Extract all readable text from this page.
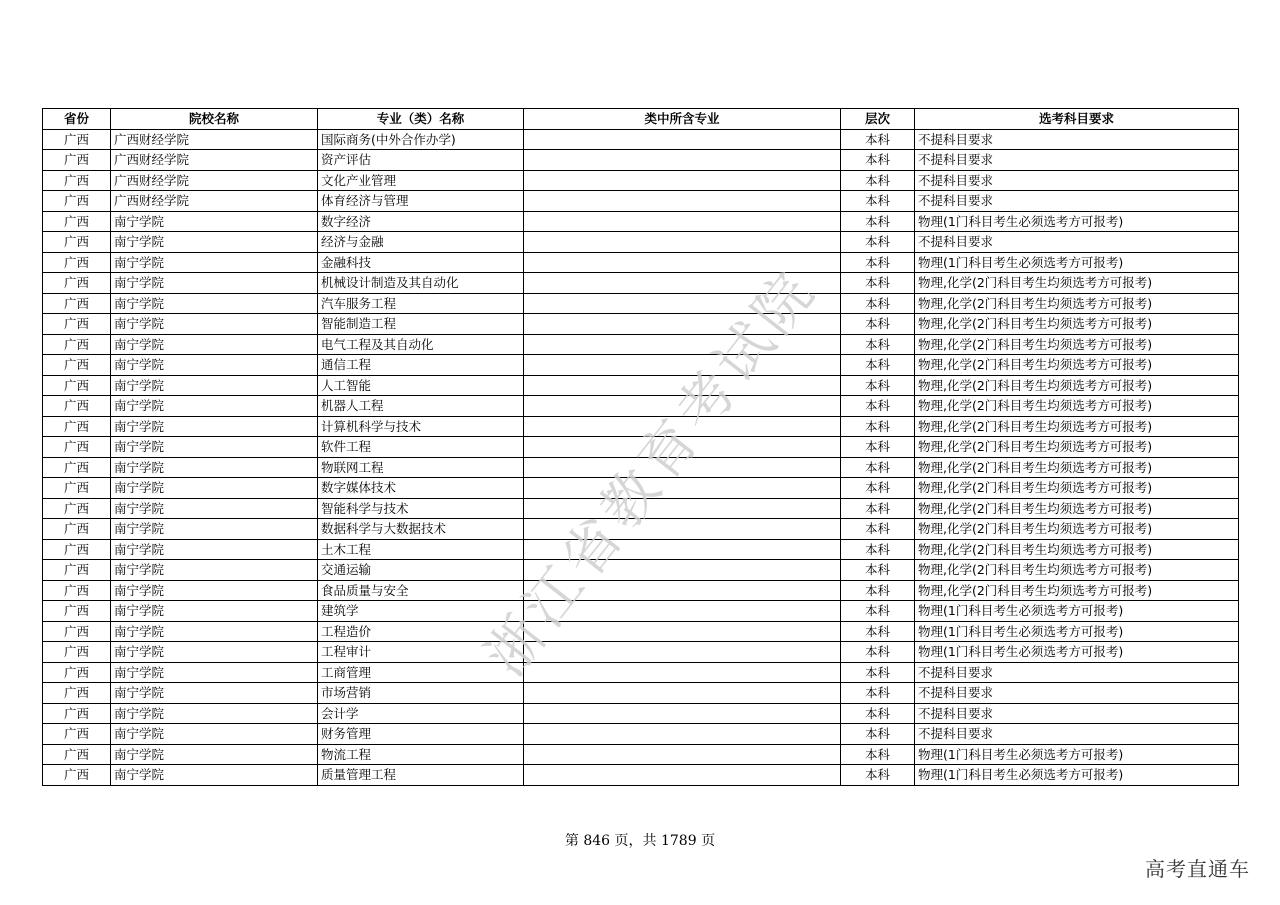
省份	院校名称	专业（类）名称	类中所含专业	层次	选考科目要求
广西	广西财经学院	国际商务(中外合作办学)		本科	不提科目要求
广西	广西财经学院	资产评估		本科	不提科目要求
广西	广西财经学院	文化产业管理		本科	不提科目要求
广西	广西财经学院	体育经济与管理		本科	不提科目要求
广西	南宁学院	数字经济		本科	物理(1门科目考生必须选考方可报考)
广西	南宁学院	经济与金融		本科	不提科目要求
广西	南宁学院	金融科技		本科	物理(1门科目考生必须选考方可报考)
广西	南宁学院	机械设计制造及其自动化		本科	物理,化学(2门科目考生均须选考方可报考)
广西	南宁学院	汽车服务工程		本科	物理,化学(2门科目考生均须选考方可报考)
广西	南宁学院	智能制造工程		本科	物理,化学(2门科目考生均须选考方可报考)
广西	南宁学院	电气工程及其自动化		本科	物理,化学(2门科目考生均须选考方可报考)
广西	南宁学院	通信工程		本科	物理,化学(2门科目考生均须选考方可报考)
广西	南宁学院	人工智能		本科	物理,化学(2门科目考生均须选考方可报考)
广西	南宁学院	机器人工程		本科	物理,化学(2门科目考生均须选考方可报考)
广西	南宁学院	计算机科学与技术		本科	物理,化学(2门科目考生均须选考方可报考)
广西	南宁学院	软件工程		本科	物理,化学(2门科目考生均须选考方可报考)
广西	南宁学院	物联网工程		本科	物理,化学(2门科目考生均须选考方可报考)
广西	南宁学院	数字媒体技术		本科	物理,化学(2门科目考生均须选考方可报考)
广西	南宁学院	智能科学与技术		本科	物理,化学(2门科目考生均须选考方可报考)
广西	南宁学院	数据科学与大数据技术		本科	物理,化学(2门科目考生均须选考方可报考)
广西	南宁学院	土木工程		本科	物理,化学(2门科目考生均须选考方可报考)
广西	南宁学院	交通运输		本科	物理,化学(2门科目考生均须选考方可报考)
广西	南宁学院	食品质量与安全		本科	物理,化学(2门科目考生均须选考方可报考)
广西	南宁学院	建筑学		本科	物理(1门科目考生必须选考方可报考)
广西	南宁学院	工程造价		本科	物理(1门科目考生必须选考方可报考)
广西	南宁学院	工程审计		本科	物理(1门科目考生必须选考方可报考)
广西	南宁学院	工商管理		本科	不提科目要求
广西	南宁学院	市场营销		本科	不提科目要求
广西	南宁学院	会计学		本科	不提科目要求
广西	南宁学院	财务管理		本科	不提科目要求
广西	南宁学院	物流工程		本科	物理(1门科目考生必须选考方可报考)
广西	南宁学院	质量管理工程		本科	物理(1门科目考生必须选考方可报考)
浙江省教育考试院
第 846 页，共 1789 页
高考直通车
